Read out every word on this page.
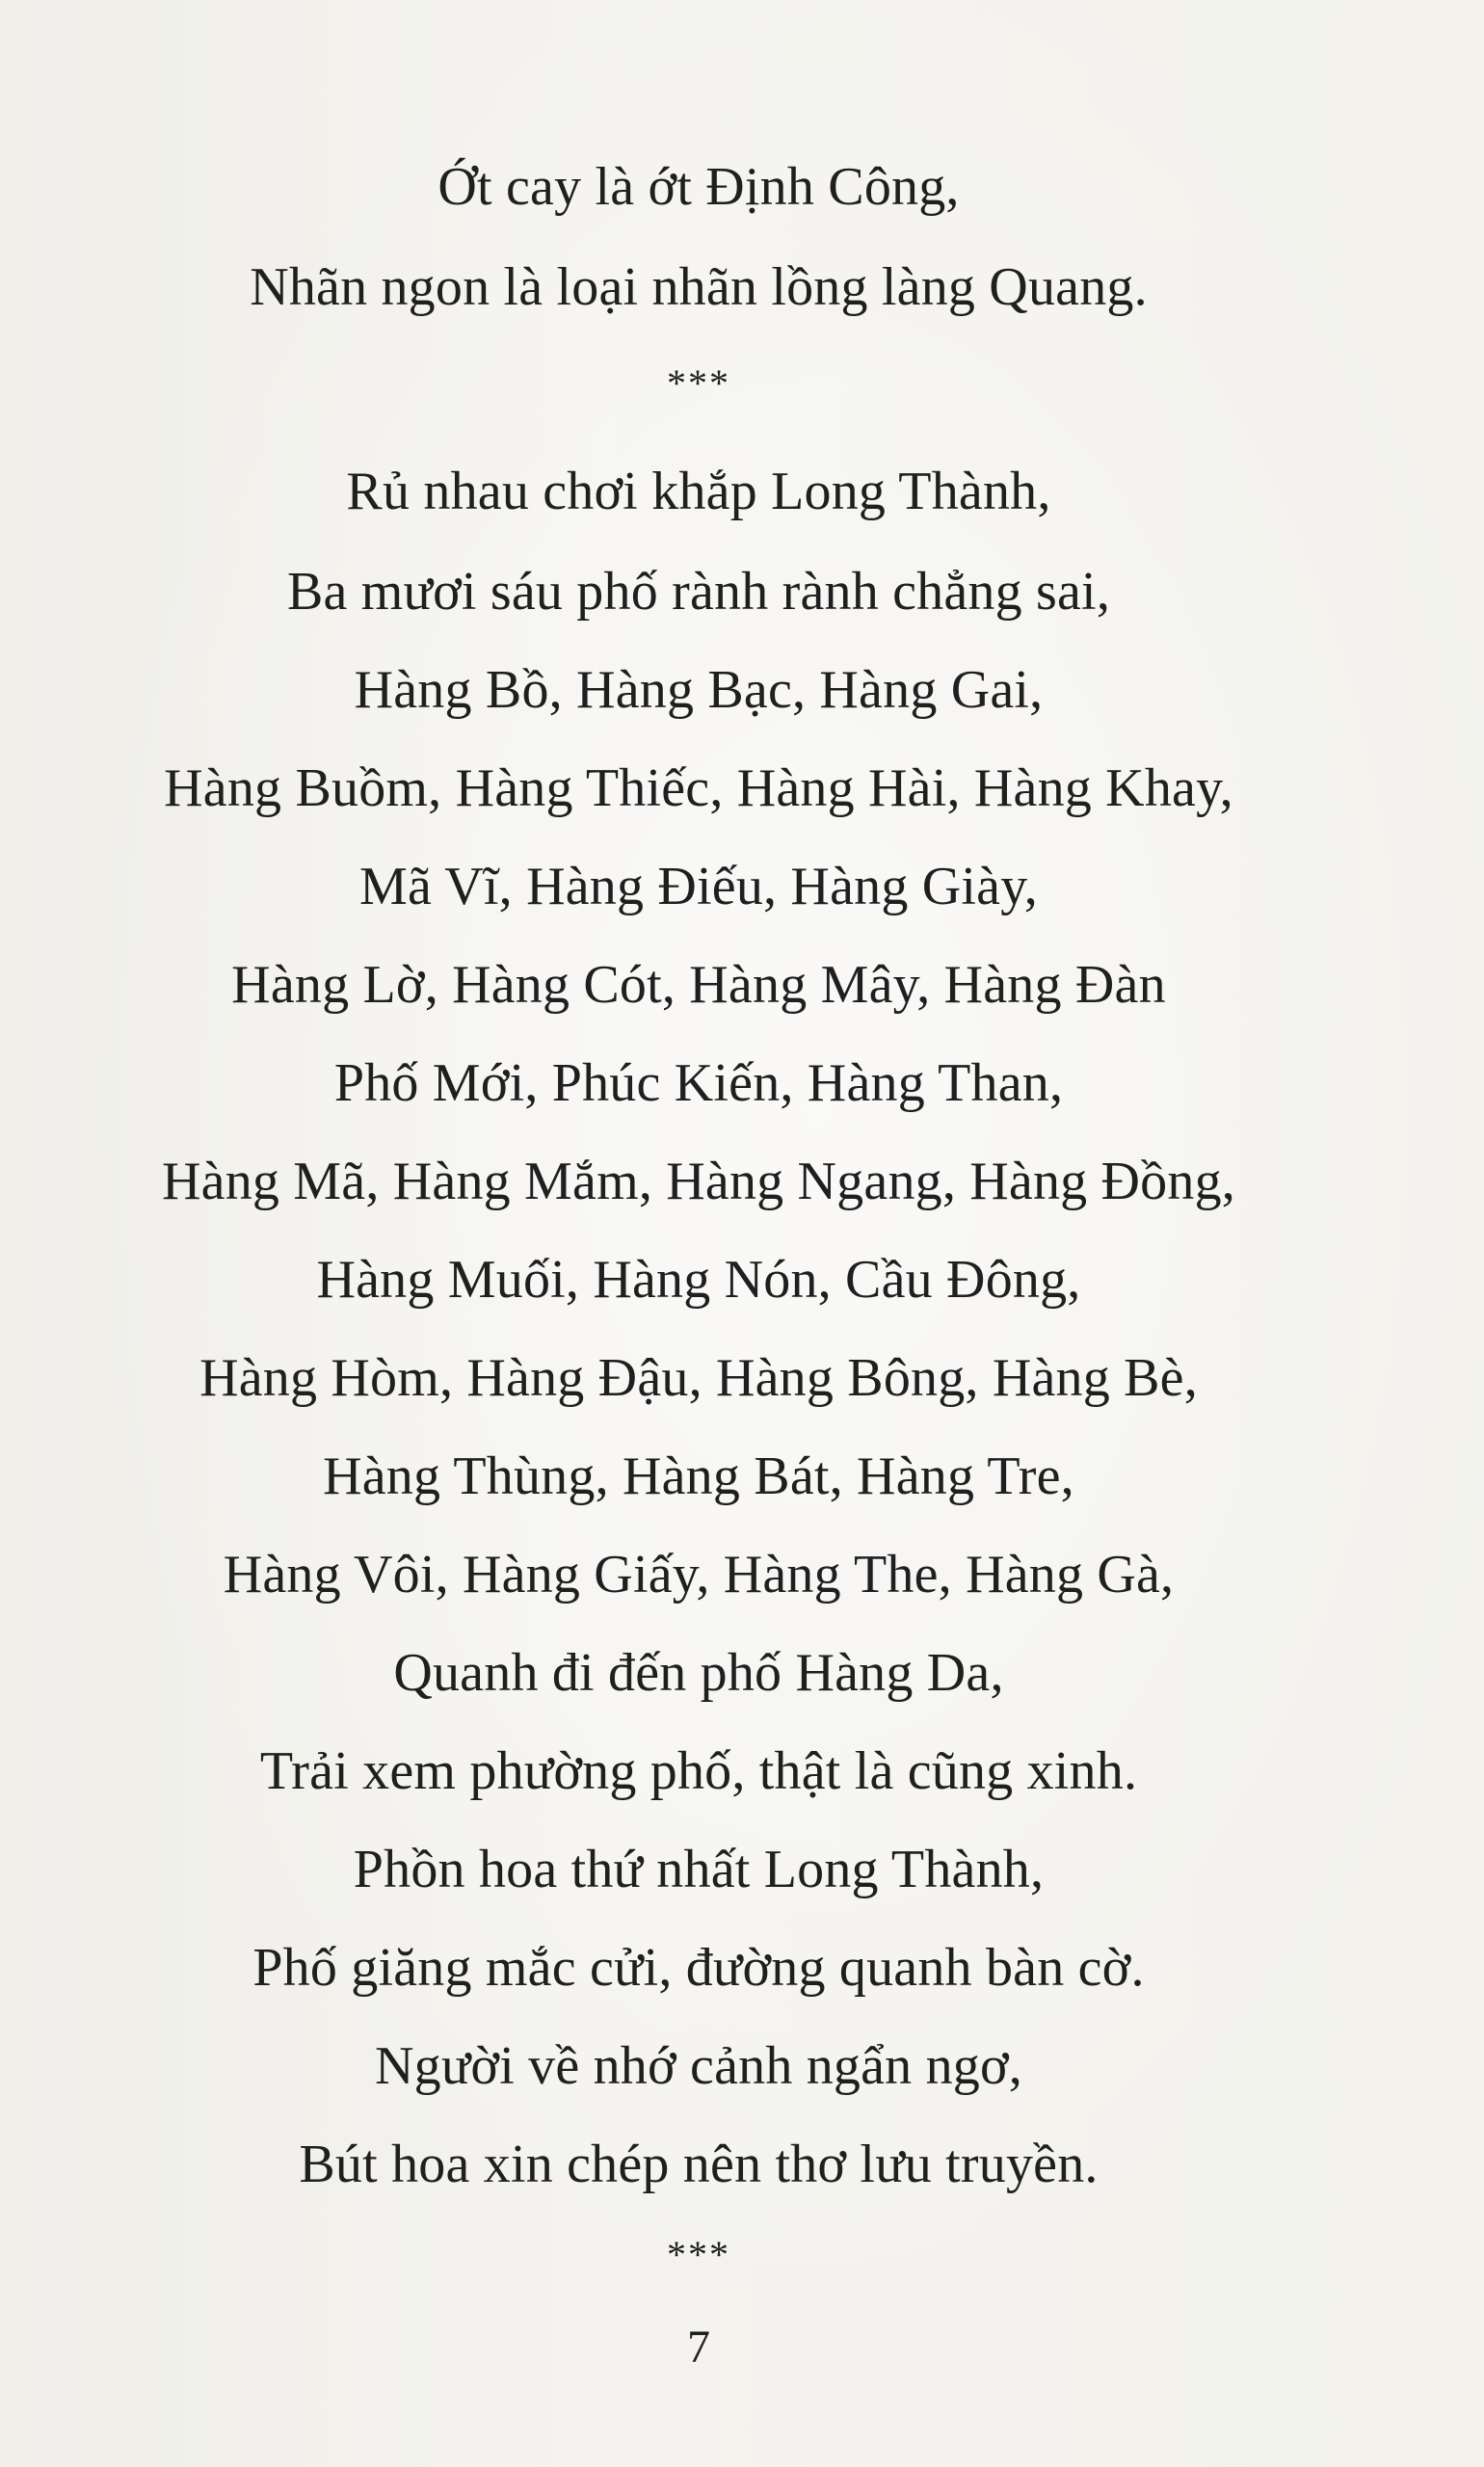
Ớt cay là ớt Định Công,
Nhãn ngon là loại nhãn lồng làng Quang.
***
Rủ nhau chơi khắp Long Thành,
Ba mươi sáu phố rành rành chẳng sai,
Hàng Bồ, Hàng Bạc, Hàng Gai,
Hàng Buồm, Hàng Thiếc, Hàng Hài, Hàng Khay,
Mã Vĩ, Hàng Điếu, Hàng Giày,
Hàng Lờ, Hàng Cót, Hàng Mây, Hàng Đàn
Phố Mới, Phúc Kiến, Hàng Than,
Hàng Mã, Hàng Mắm, Hàng Ngang, Hàng Đồng,
Hàng Muối, Hàng Nón, Cầu Đông,
Hàng Hòm, Hàng Đậu, Hàng Bông, Hàng Bè,
Hàng Thùng, Hàng Bát, Hàng Tre,
Hàng Vôi, Hàng Giấy, Hàng The, Hàng Gà,
Quanh đi đến phố Hàng Da,
Trải xem phường phố, thật là cũng xinh.
Phồn hoa thứ nhất Long Thành,
Phố giăng mắc cửi, đường quanh bàn cờ.
Người về nhớ cảnh ngẩn ngơ,
Bút hoa xin chép nên thơ lưu truyền.
***
7
